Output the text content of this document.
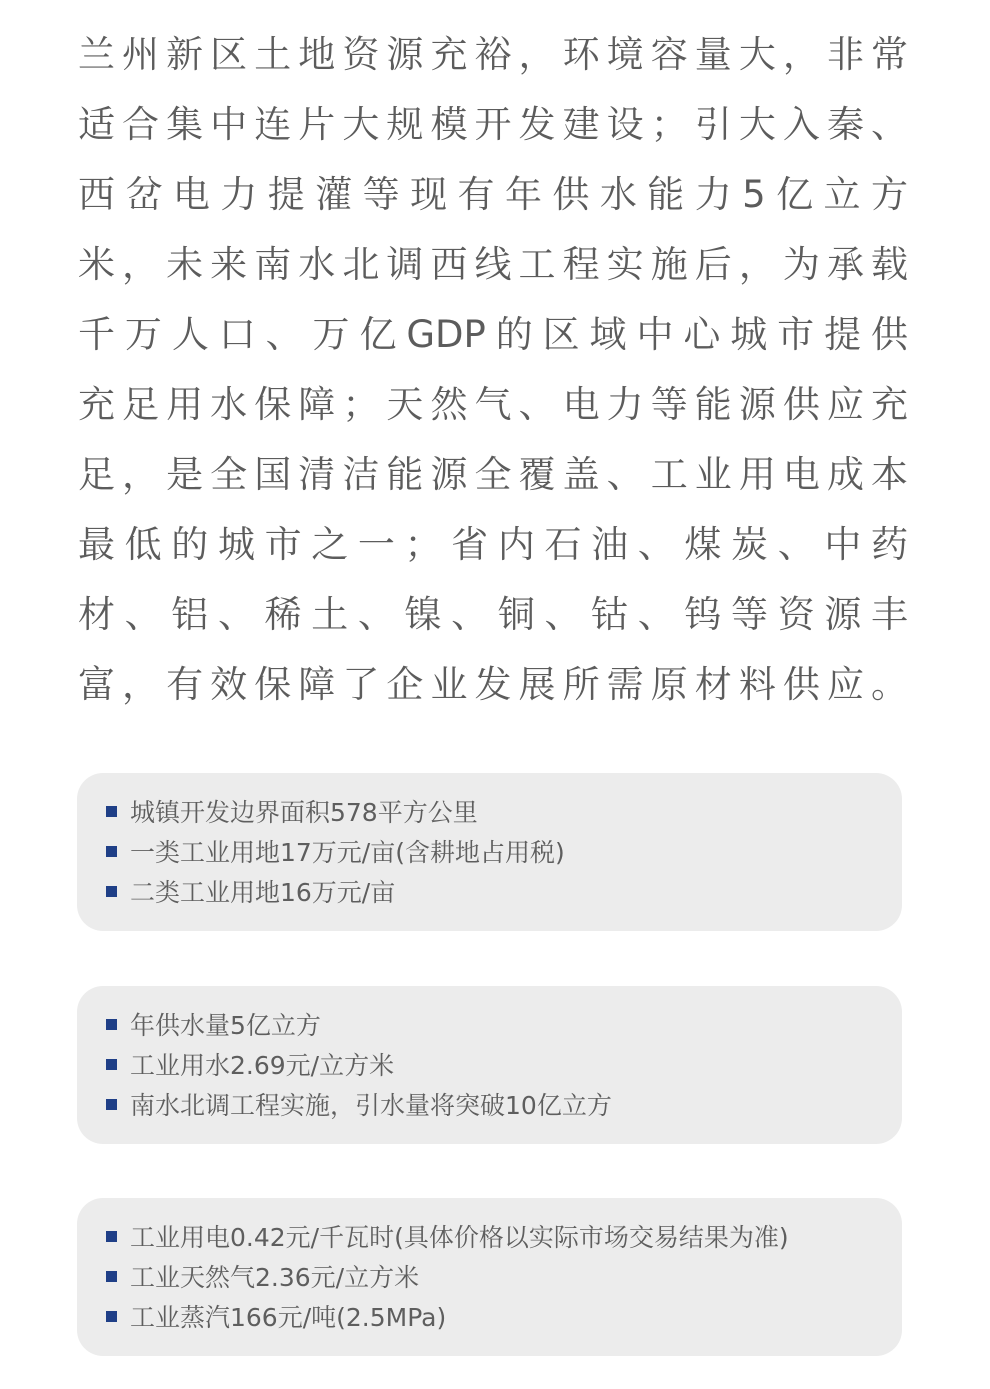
兰州新区土地资源充裕，环境容量大，非常
适合集中连片大规模开发建设；引大入秦、
西岔电力提灌等现有年供水能力5亿立方
米，未来南水北调西线工程实施后，为承载
千万人口、万亿GDP的区域中心城市提供
充足用水保障；天然气、电力等能源供应充
足，是全国清洁能源全覆盖、工业用电成本
最低的城市之一；省内石油、煤炭、中药
材、铝、稀土、镍、铜、钴、钨等资源丰
富，有效保障了企业发展所需原材料供应。
城镇开发边界面积578平方公里
一类工业用地17万元/亩(含耕地占用税)
二类工业用地16万元/亩
年供水量5亿立方
工业用水2.69元/立方米
南水北调工程实施，引水量将突破10亿立方
工业用电0.42元/千瓦时(具体价格以实际市场交易结果为准)
工业天然气2.36元/立方米
工业蒸汽166元/吨(2.5MPa)
